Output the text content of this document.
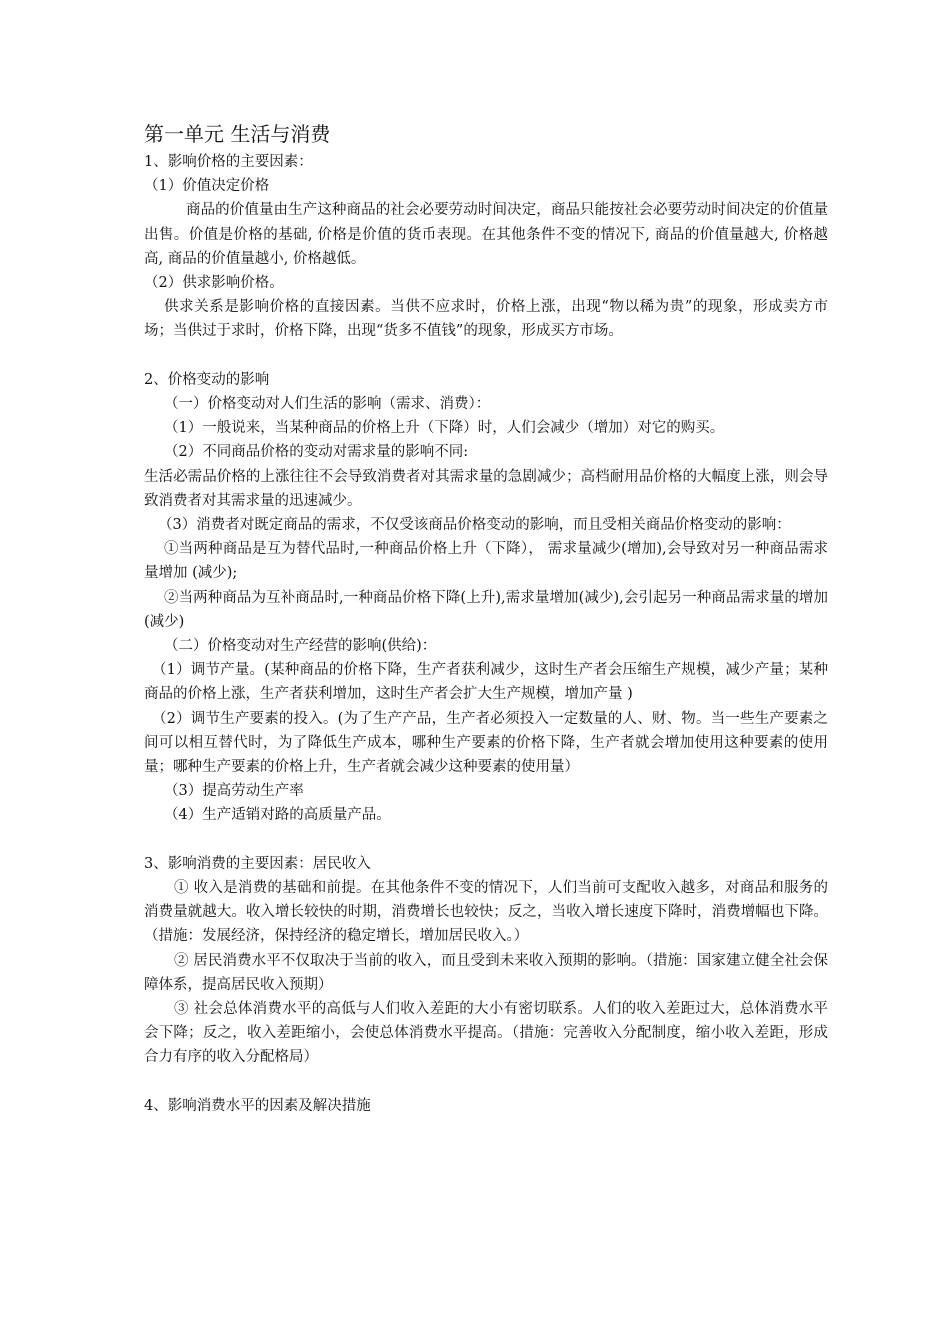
第一单元 生活与消费

1、影响价格的主要因素：

（1）价值决定价格

商品的价值量由生产这种商品的社会必要劳动时间决定，商品只能按社会必要劳动时间决定的价值量出售。价值是价格的基础, 价格是价值的货币表现。在其他条件不变的情况下, 商品的价值量越大, 价格越高, 商品的价值量越小, 价格越低。

（2）供求影响价格。

供求关系是影响价格的直接因素。当供不应求时，价格上涨，出现“物以稀为贵”的现象，形成卖方市场；当供过于求时，价格下降，出现“货多不值钱”的现象，形成买方市场。

2、价格变动的影响

（一）价格变动对人们生活的影响（需求、消费）：

（1）一般说来，当某种商品的价格上升（下降）时，人们会减少（增加）对它的购买。

（2）不同商品价格的变动对需求量的影响不同:

生活必需品价格的上涨往往不会导致消费者对其需求量的急剧减少；高档耐用品价格的大幅度上涨，则会导致消费者对其需求量的迅速减少。

（3）消费者对既定商品的需求，不仅受该商品价格变动的影响，而且受相关商品价格变动的影响：

①当两种商品是互为替代品时,一种商品价格上升（下降）， 需求量减少(增加),会导致对另一种商品需求量增加 (减少);

②当两种商品为互补商品时,一种商品价格下降(上升),需求量增加(减少),会引起另一种商品需求量的增加 (减少)

（二）价格变动对生产经营的影响(供给)：

（1）调节产量。(某种商品的价格下降，生产者获利减少，这时生产者会压缩生产规模，减少产量；某种商品的价格上涨，生产者获利增加，这时生产者会扩大生产规模，增加产量 )

（2）调节生产要素的投入。(为了生产产品，生产者必须投入一定数量的人、财、物。当一些生产要素之间可以相互替代时，为了降低生产成本，哪种生产要素的价格下降，生产者就会增加使用这种要素的使用量；哪种生产要素的价格上升，生产者就会减少这种要素的使用量）

（3）提高劳动生产率

（4）生产适销对路的高质量产品。

3、影响消费的主要因素：居民收入

① 收入是消费的基础和前提。在其他条件不变的情况下，人们当前可支配收入越多，对商品和服务的消费量就越大。收入增长较快的时期，消费增长也较快；反之，当收入增长速度下降时，消费增幅也下降。（措施：发展经济，保持经济的稳定增长，增加居民收入。）

② 居民消费水平不仅取决于当前的收入，而且受到未来收入预期的影响。（措施：国家建立健全社会保障体系，提高居民收入预期）

③ 社会总体消费水平的高低与人们收入差距的大小有密切联系。人们的收入差距过大，总体消费水平会下降；反之，收入差距缩小，会使总体消费水平提高。（措施：完善收入分配制度，缩小收入差距，形成合力有序的收入分配格局）

4、影响消费水平的因素及解决措施
